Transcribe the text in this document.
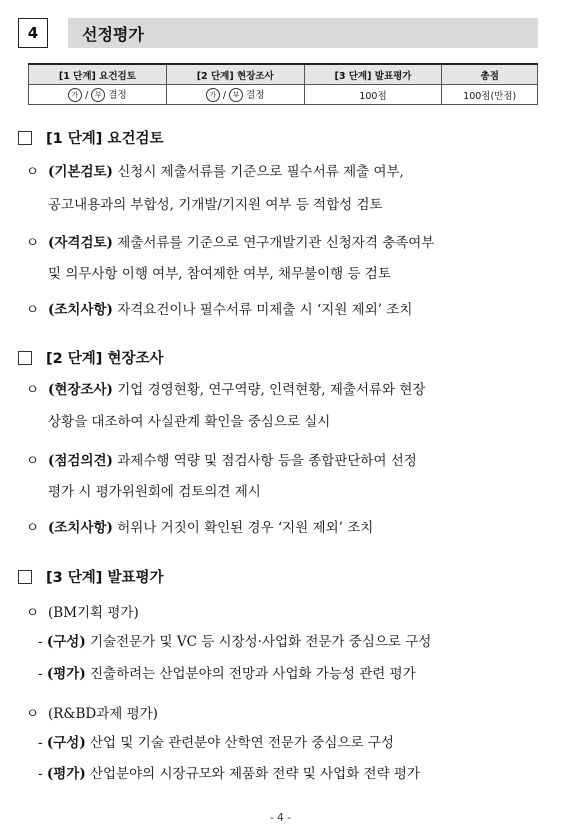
4	선정평가
[1 단계] 요건검토	[2 단계] 현장조사	[3 단계] 발표평가	총점
가 / 부 결정	가 / 부 결정	100점	100점(만점)
[1 단계] 요건검토
ㅇ (기본검토) 신청시 제출서류를 기준으로 필수서류 제출 여부,
공고내용과의 부합성, 기개발/기지원 여부 등 적합성 검토
ㅇ (자격검토) 제출서류를 기준으로 연구개발기관 신청자격 충족여부
및 의무사항 이행 여부, 참여제한 여부, 채무불이행 등 검토
ㅇ (조치사항) 자격요건이나 필수서류 미제출 시 ‘지원 제외’ 조치
[2 단계] 현장조사
ㅇ (현장조사) 기업 경영현황, 연구역량, 인력현황, 제출서류와 현장
상황을 대조하여 사실관계 확인을 중심으로 실시
ㅇ (점검의견) 과제수행 역량 및 점검사항 등을 종합판단하여 선정
평가 시 평가위원회에 검토의견 제시
ㅇ (조치사항) 허위나 거짓이 확인된 경우 ‘지원 제외’ 조치
[3 단계] 발표평가
ㅇ (BM기획 평가)
- (구성) 기술전문가 및 VC 등 시장성·사업화 전문가 중심으로 구성
- (평가) 진출하려는 산업분야의 전망과 사업화 가능성 관련 평가
ㅇ (R&BD과제 평가)
- (구성) 산업 및 기술 관련분야 산학연 전문가 중심으로 구성
- (평가) 산업분야의 시장규모와 제품화 전략 및 사업화 전략 평가
- 4 -
